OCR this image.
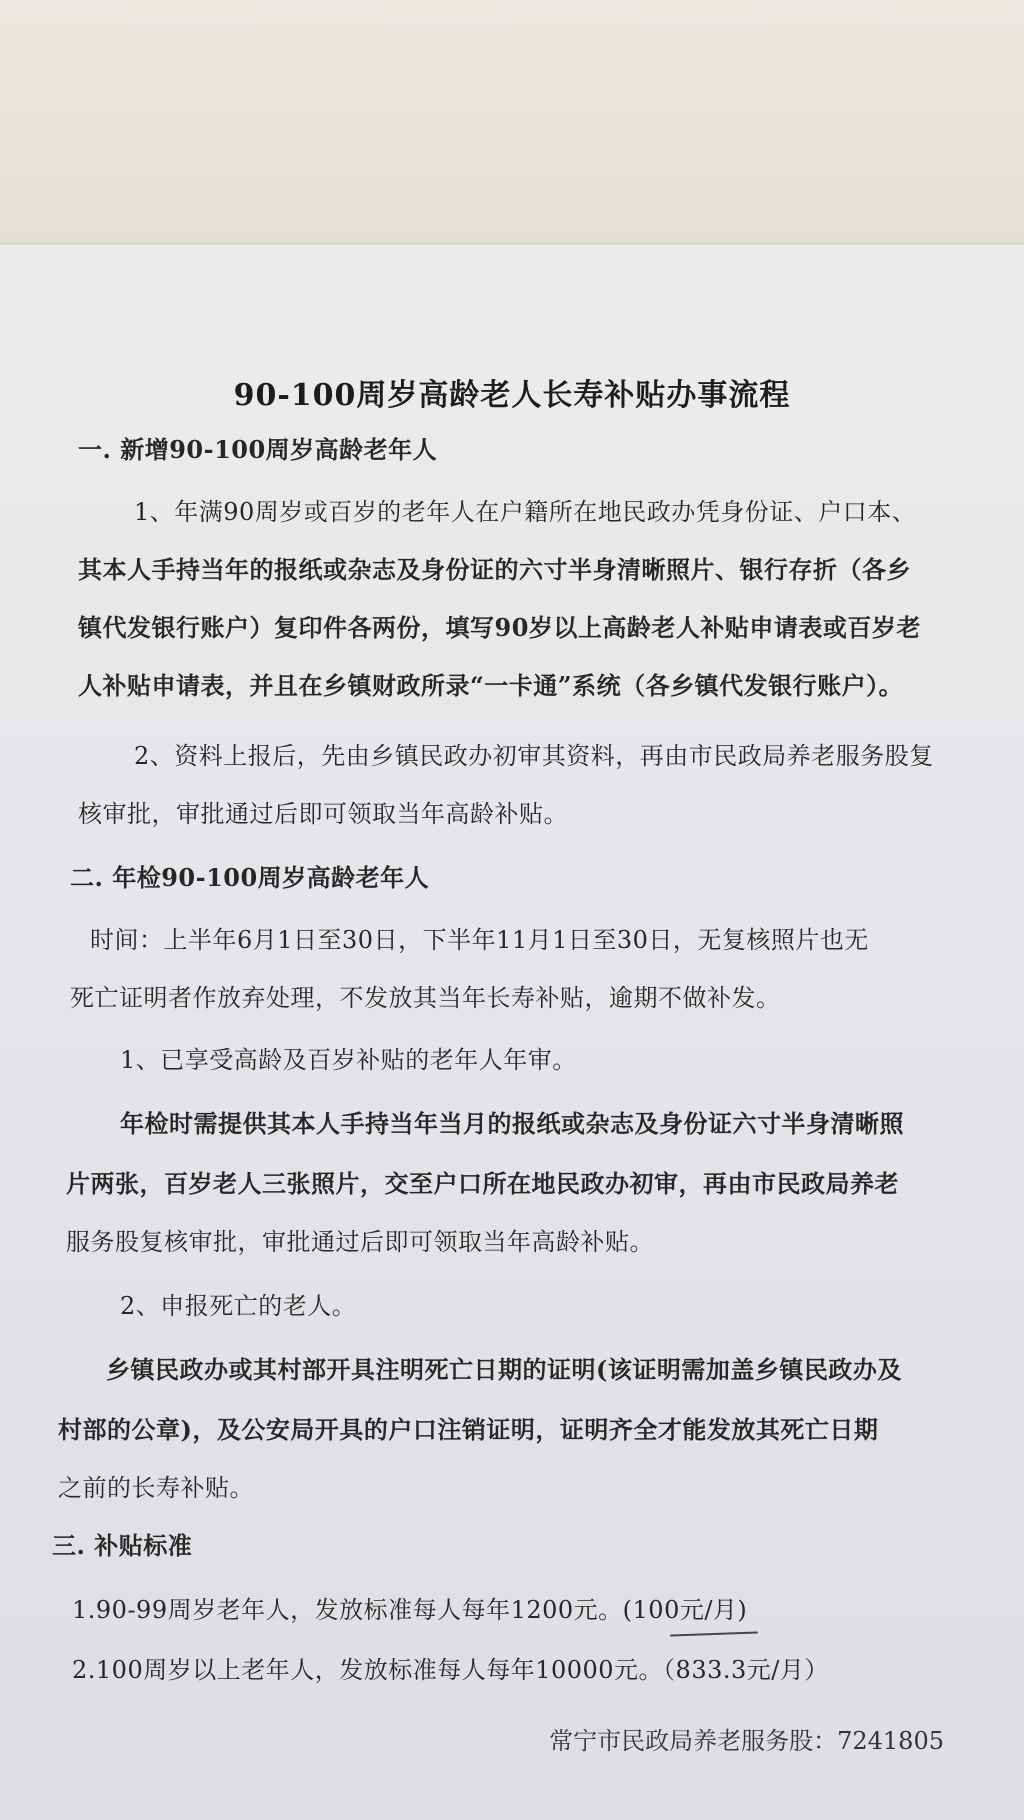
90-100周岁高龄老人长寿补贴办事流程
一. 新增90-100周岁高龄老年人
1、年满90周岁或百岁的老年人在户籍所在地民政办凭身份证、户口本、
其本人手持当年的报纸或杂志及身份证的六寸半身清晰照片、银行存折（各乡
镇代发银行账户）复印件各两份，填写90岁以上高龄老人补贴申请表或百岁老
人补贴申请表，并且在乡镇财政所录“一卡通”系统（各乡镇代发银行账户）。
2、资料上报后，先由乡镇民政办初审其资料，再由市民政局养老服务股复
核审批，审批通过后即可领取当年高龄补贴。
二. 年检90-100周岁高龄老年人
时间：上半年6月1日至30日，下半年11月1日至30日，无复核照片也无
死亡证明者作放弃处理，不发放其当年长寿补贴，逾期不做补发。
1、已享受高龄及百岁补贴的老年人年审。
年检时需提供其本人手持当年当月的报纸或杂志及身份证六寸半身清晰照
片两张，百岁老人三张照片，交至户口所在地民政办初审，再由市民政局养老
服务股复核审批，审批通过后即可领取当年高龄补贴。
2、申报死亡的老人。
乡镇民政办或其村部开具注明死亡日期的证明(该证明需加盖乡镇民政办及
村部的公章)，及公安局开具的户口注销证明，证明齐全才能发放其死亡日期
之前的长寿补贴。
三. 补贴标准
1.90-99周岁老年人，发放标准每人每年1200元。(100元/月)
2.100周岁以上老年人，发放标准每人每年10000元。（833.3元/月）
常宁市民政局养老服务股：7241805
